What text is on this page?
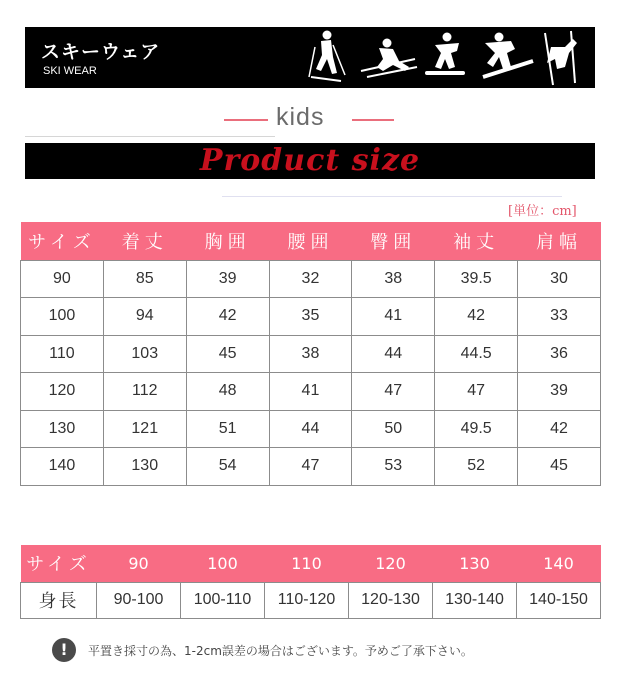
スキーウェア
SKI WEAR
kids
Product size
[単位：cm]
サイズ	着丈	胸囲	腰囲	臀囲	袖丈	肩幅
90	85	39	32	38	39.5	30
100	94	42	35	41	42	33
110	103	45	38	44	44.5	36
120	112	48	41	47	47	39
130	121	51	44	50	49.5	42
140	130	54	47	53	52	45
サイズ	90	100	110	120	130	140
身長	90-100	100-110	110-120	120-130	130-140	140-150
!	平置き採寸の為、1-2cm誤差の場合はございます。予めご了承下さい。
